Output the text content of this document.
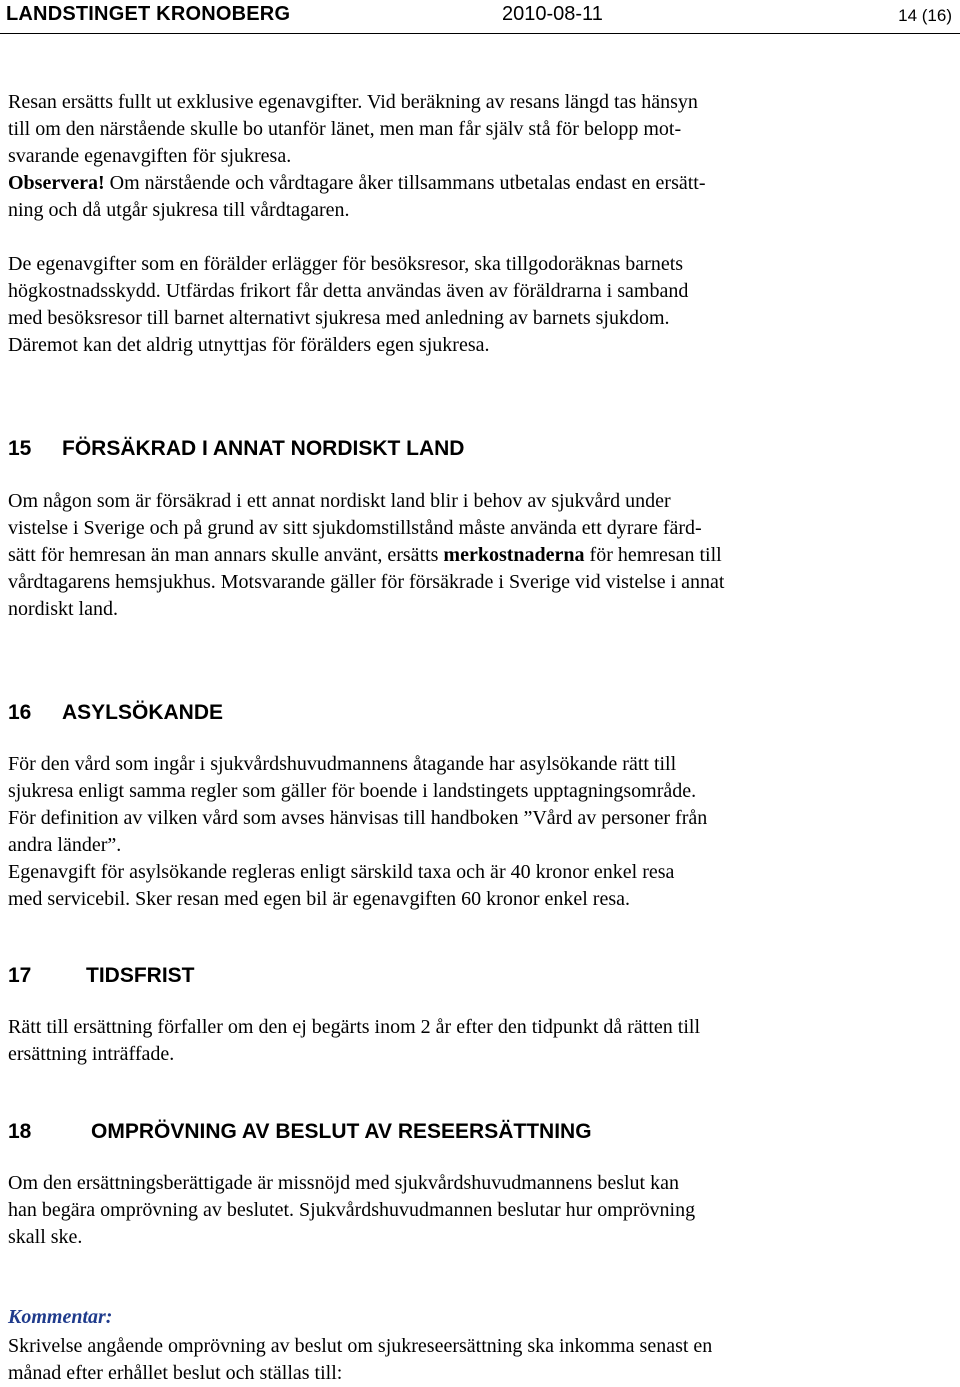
LANDSTINGET KRONOBERG	2010-08-11	14 (16)
Resan ersätts fullt ut exklusive egenavgifter. Vid beräkning av resans längd tas hänsyn
till om den närstående skulle bo utanför länet, men man får själv stå för belopp mot-
svarande egenavgiften för sjukresa.
Observera! Om närstående och vårdtagare åker tillsammans utbetalas endast en ersätt-
ning och då utgår sjukresa till vårdtagaren.
De egenavgifter som en förälder erlägger för besöksresor, ska tillgodoräknas barnets
högkostnadsskydd. Utfärdas frikort får detta användas även av föräldrarna i samband
med besöksresor till barnet alternativt sjukresa med anledning av barnets sjukdom.
Däremot kan det aldrig utnyttjas för förälders egen sjukresa.
15 FÖRSÄKRAD I ANNAT NORDISKT LAND
Om någon som är försäkrad i ett annat nordiskt land blir i behov av sjukvård under
vistelse i Sverige och på grund av sitt sjukdomstillstånd måste använda ett dyrare färd-
sätt för hemresan än man annars skulle använt, ersätts merkostnaderna för hemresan till
vårdtagarens hemsjukhus. Motsvarande gäller för försäkrade i Sverige vid vistelse i annat
nordiskt land.
16 ASYLSÖKANDE
För den vård som ingår i sjukvårdshuvudmannens åtagande har asylsökande rätt till
sjukresa enligt samma regler som gäller för boende i landstingets upptagningsområde.
För definition av vilken vård som avses hänvisas till handboken ”Vård av personer från
andra länder”.
Egenavgift för asylsökande regleras enligt särskild taxa och är 40 kronor enkel resa
med servicebil. Sker resan med egen bil är egenavgiften 60 kronor enkel resa.
17	TIDSFRIST
Rätt till ersättning förfaller om den ej begärts inom 2 år efter den tidpunkt då rätten till
ersättning inträffade.
18	OMPRÖVNING AV BESLUT AV RESEERSÄTTNING
Om den ersättningsberättigade är missnöjd med sjukvårdshuvudmannens beslut kan
han begära omprövning av beslutet. Sjukvårdshuvudmannen beslutar hur omprövning
skall ske.
Kommentar:
Skrivelse angående omprövning av beslut om sjukreseersättning ska inkomma senast en
månad efter erhållet beslut och ställas till:
